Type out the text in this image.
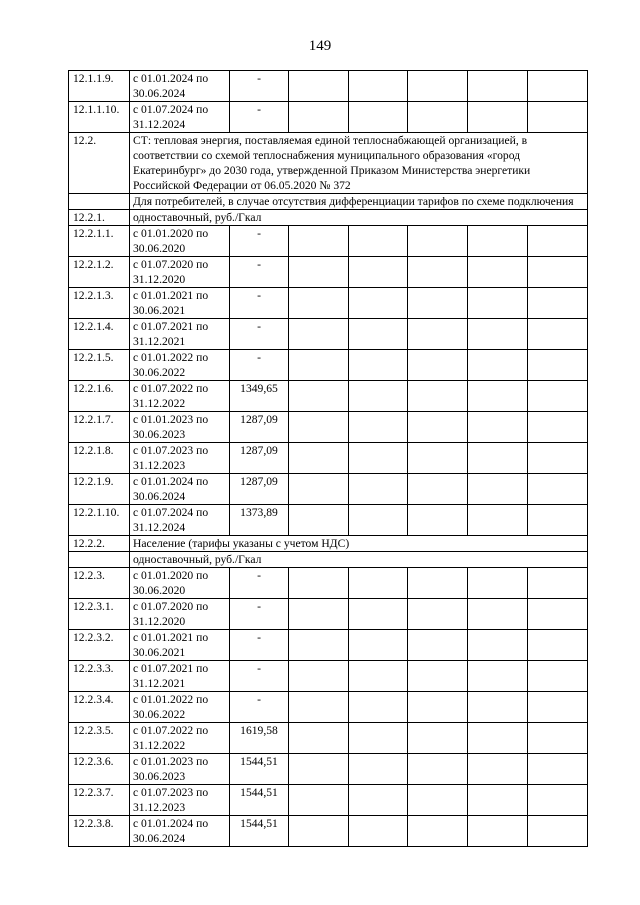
149
12.1.1.9.	с 01.01.2024 по 30.06.2024	-					
12.1.1.10.	с 01.07.2024 по 31.12.2024	-					
12.2.	СТ: тепловая энергия, поставляемая единой теплоснабжающей организацией, в соответствии со схемой теплоснабжения муниципального образования «город Екатеринбург» до 2030 года, утвержденной Приказом Министерства энергетики Российской Федерации от 06.05.2020 № 372						
	Для потребителей, в случае отсутствия дифференциации тарифов по схеме подключения						
12.2.1.	одноставочный, руб./Гкал						
12.2.1.1.	с 01.01.2020 по 30.06.2020	-					
12.2.1.2.	с 01.07.2020 по 31.12.2020	-					
12.2.1.3.	с 01.01.2021 по 30.06.2021	-					
12.2.1.4.	с 01.07.2021 по 31.12.2021	-					
12.2.1.5.	с 01.01.2022 по 30.06.2022	-					
12.2.1.6.	с 01.07.2022 по 31.12.2022	1349,65					
12.2.1.7.	с 01.01.2023 по 30.06.2023	1287,09					
12.2.1.8.	с 01.07.2023 по 31.12.2023	1287,09					
12.2.1.9.	с 01.01.2024 по 30.06.2024	1287,09					
12.2.1.10.	с 01.07.2024 по 31.12.2024	1373,89					
12.2.2.	Население (тарифы указаны с учетом НДС)						
	одноставочный, руб./Гкал						
12.2.3.	с 01.01.2020 по 30.06.2020	-					
12.2.3.1.	с 01.07.2020 по 31.12.2020	-					
12.2.3.2.	с 01.01.2021 по 30.06.2021	-					
12.2.3.3.	с 01.07.2021 по 31.12.2021	-					
12.2.3.4.	с 01.01.2022 по 30.06.2022	-					
12.2.3.5.	с 01.07.2022 по 31.12.2022	1619,58					
12.2.3.6.	с 01.01.2023 по 30.06.2023	1544,51					
12.2.3.7.	с 01.07.2023 по 31.12.2023	1544,51					
12.2.3.8.	с 01.01.2024 по 30.06.2024	1544,51					
